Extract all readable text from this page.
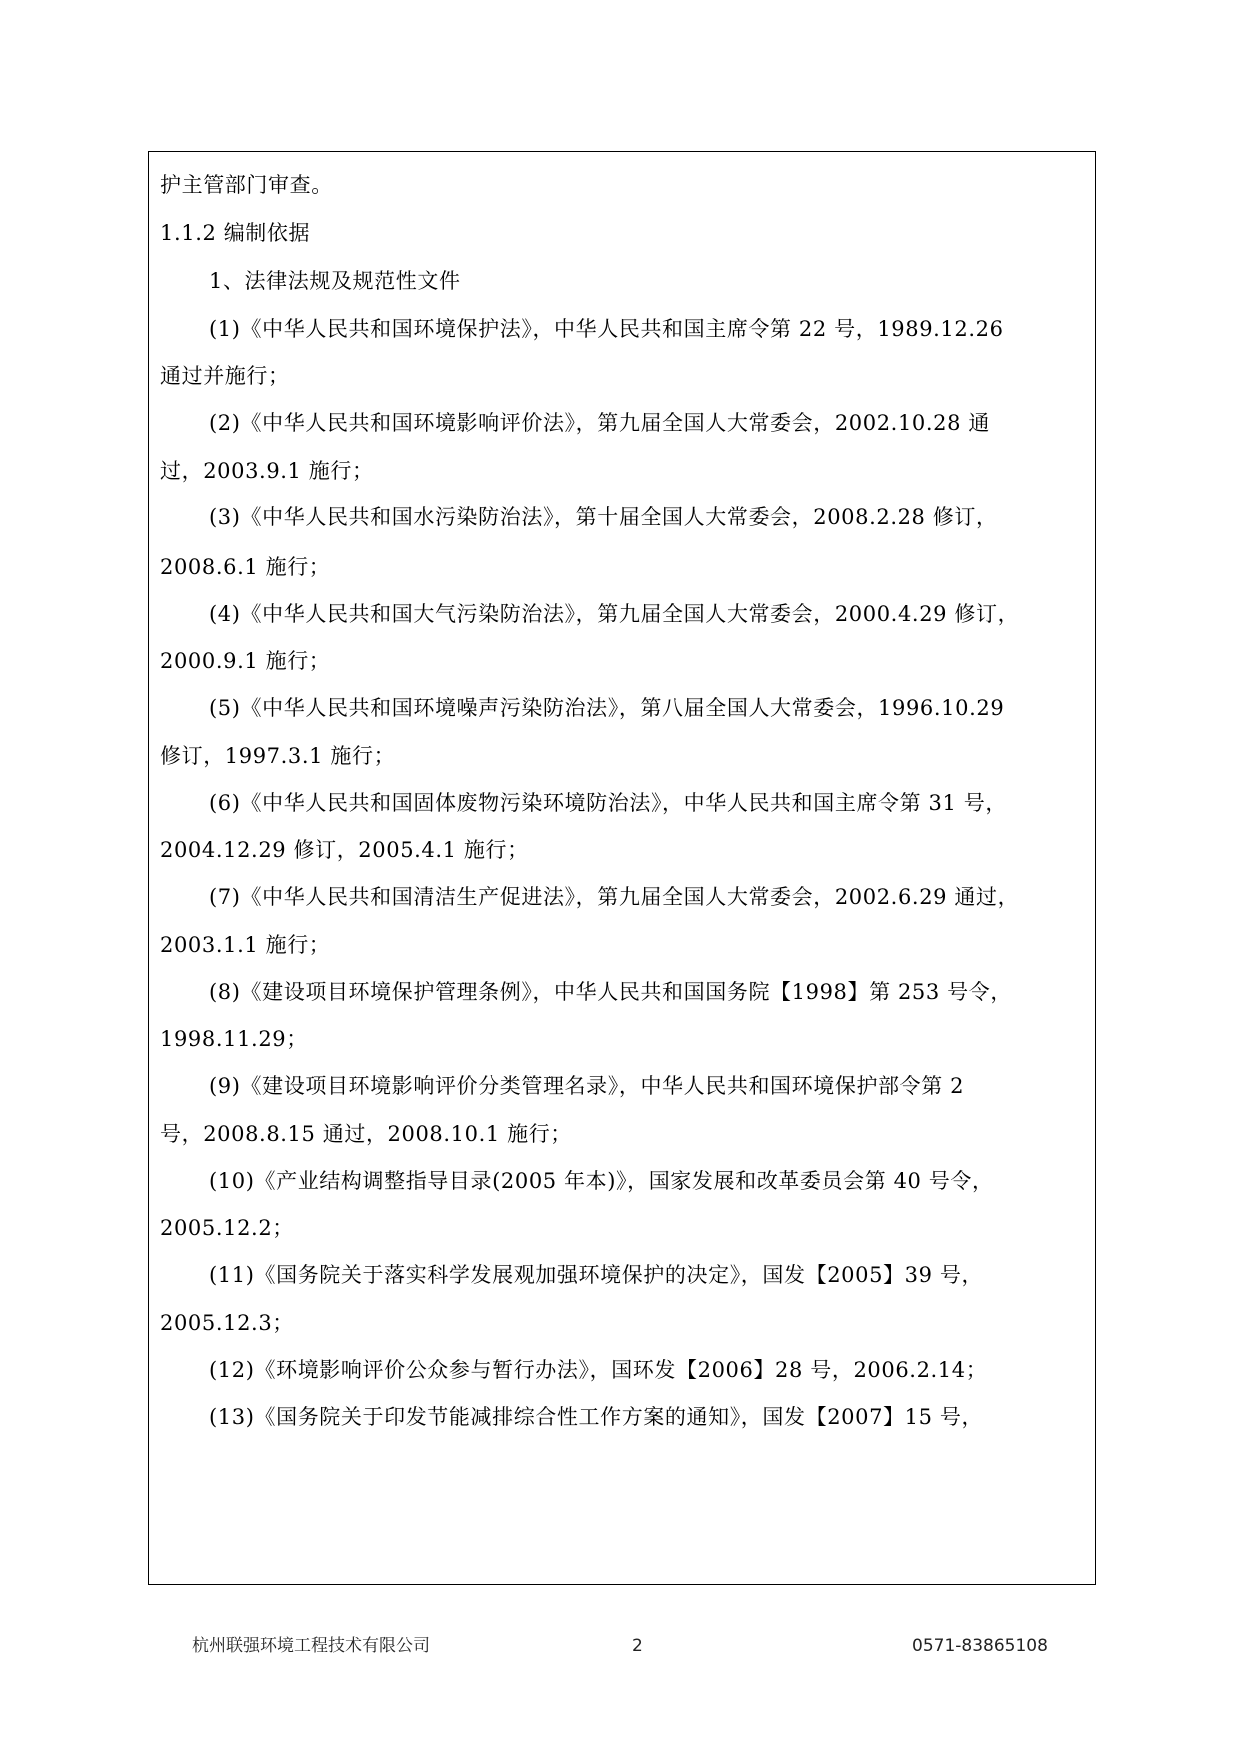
护主管部门审查。
1.1.2 编制依据
1、法律法规及规范性文件
(1)《中华人民共和国环境保护法》，中华人民共和国主席令第 22 号，1989.12.26
通过并施行；
(2)《中华人民共和国环境影响评价法》，第九届全国人大常委会，2002.10.28 通
过，2003.9.1 施行；
(3)《中华人民共和国水污染防治法》，第十届全国人大常委会，2008.2.28 修订，
2008.6.1 施行；
(4)《中华人民共和国大气污染防治法》，第九届全国人大常委会，2000.4.29 修订，
2000.9.1 施行；
(5)《中华人民共和国环境噪声污染防治法》，第八届全国人大常委会，1996.10.29
修订，1997.3.1 施行；
(6)《中华人民共和国固体废物污染环境防治法》，中华人民共和国主席令第 31 号，
2004.12.29 修订，2005.4.1 施行；
(7)《中华人民共和国清洁生产促进法》，第九届全国人大常委会，2002.6.29 通过，
2003.1.1 施行；
(8)《建设项目环境保护管理条例》，中华人民共和国国务院【1998】第 253 号令，
1998.11.29；
(9)《建设项目环境影响评价分类管理名录》，中华人民共和国环境保护部令第 2
号，2008.8.15 通过，2008.10.1 施行；
(10)《产业结构调整指导目录(2005 年本)》，国家发展和改革委员会第 40 号令，
2005.12.2；
(11)《国务院关于落实科学发展观加强环境保护的决定》，国发【2005】39 号，
2005.12.3；
(12)《环境影响评价公众参与暂行办法》，国环发【2006】28 号，2006.2.14；
(13)《国务院关于印发节能减排综合性工作方案的通知》，国发【2007】15 号，
杭州联强环境工程技术有限公司	2	0571-83865108
